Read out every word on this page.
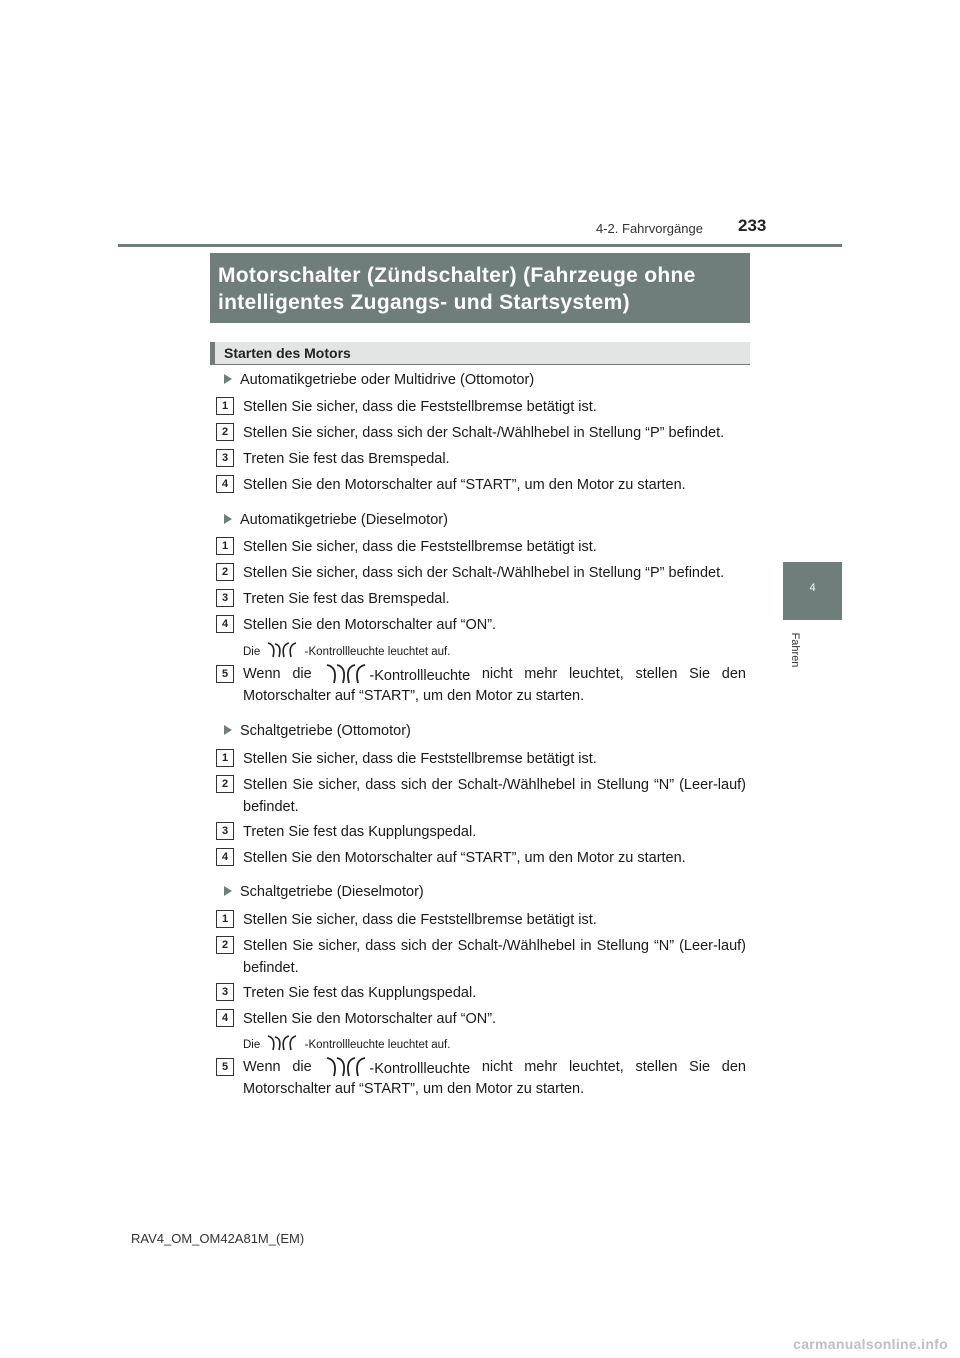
4-2. Fahrvorgänge 233
4
Fahren
Motorschalter (Zündschalter) (Fahrzeuge ohne
intelligentes Zugangs- und Startsystem)
Starten des Motors
Automatikgetriebe oder Multidrive (Ottomotor)
1	Stellen Sie sicher, dass die Feststellbremse betätigt ist.
2	Stellen Sie sicher, dass sich der Schalt-/Wählhebel in Stellung “P” befindet.
3	Treten Sie fest das Bremspedal.
4	Stellen Sie den Motorschalter auf “START”, um den Motor zu starten.
Automatikgetriebe (Dieselmotor)
1	Stellen Sie sicher, dass die Feststellbremse betätigt ist.
2	Stellen Sie sicher, dass sich der Schalt-/Wählhebel in Stellung “P” befindet.
3	Treten Sie fest das Bremspedal.
4	Stellen Sie den Motorschalter auf “ON”.
Die	-Kontrollleuchte leuchtet auf.
5	Wenn die	-Kontrollleuchte nicht mehr leuchtet, stellen Sie den
Motorschalter auf “START”, um den Motor zu starten.
Schaltgetriebe (Ottomotor)
1	Stellen Sie sicher, dass die Feststellbremse betätigt ist.
2	Stellen Sie sicher, dass sich der Schalt-/Wählhebel in Stellung “N” (Leer-lauf) befindet.
3	Treten Sie fest das Kupplungspedal.
4	Stellen Sie den Motorschalter auf “START”, um den Motor zu starten.
Schaltgetriebe (Dieselmotor)
1	Stellen Sie sicher, dass die Feststellbremse betätigt ist.
2	Stellen Sie sicher, dass sich der Schalt-/Wählhebel in Stellung “N” (Leer-lauf) befindet.
3	Treten Sie fest das Kupplungspedal.
4	Stellen Sie den Motorschalter auf “ON”.
Die	-Kontrollleuchte leuchtet auf.
5	Wenn die	-Kontrollleuchte nicht mehr leuchtet, stellen Sie den
Motorschalter auf “START”, um den Motor zu starten.
RAV4_OM_OM42A81M_(EM)
carmanualsonline.info
